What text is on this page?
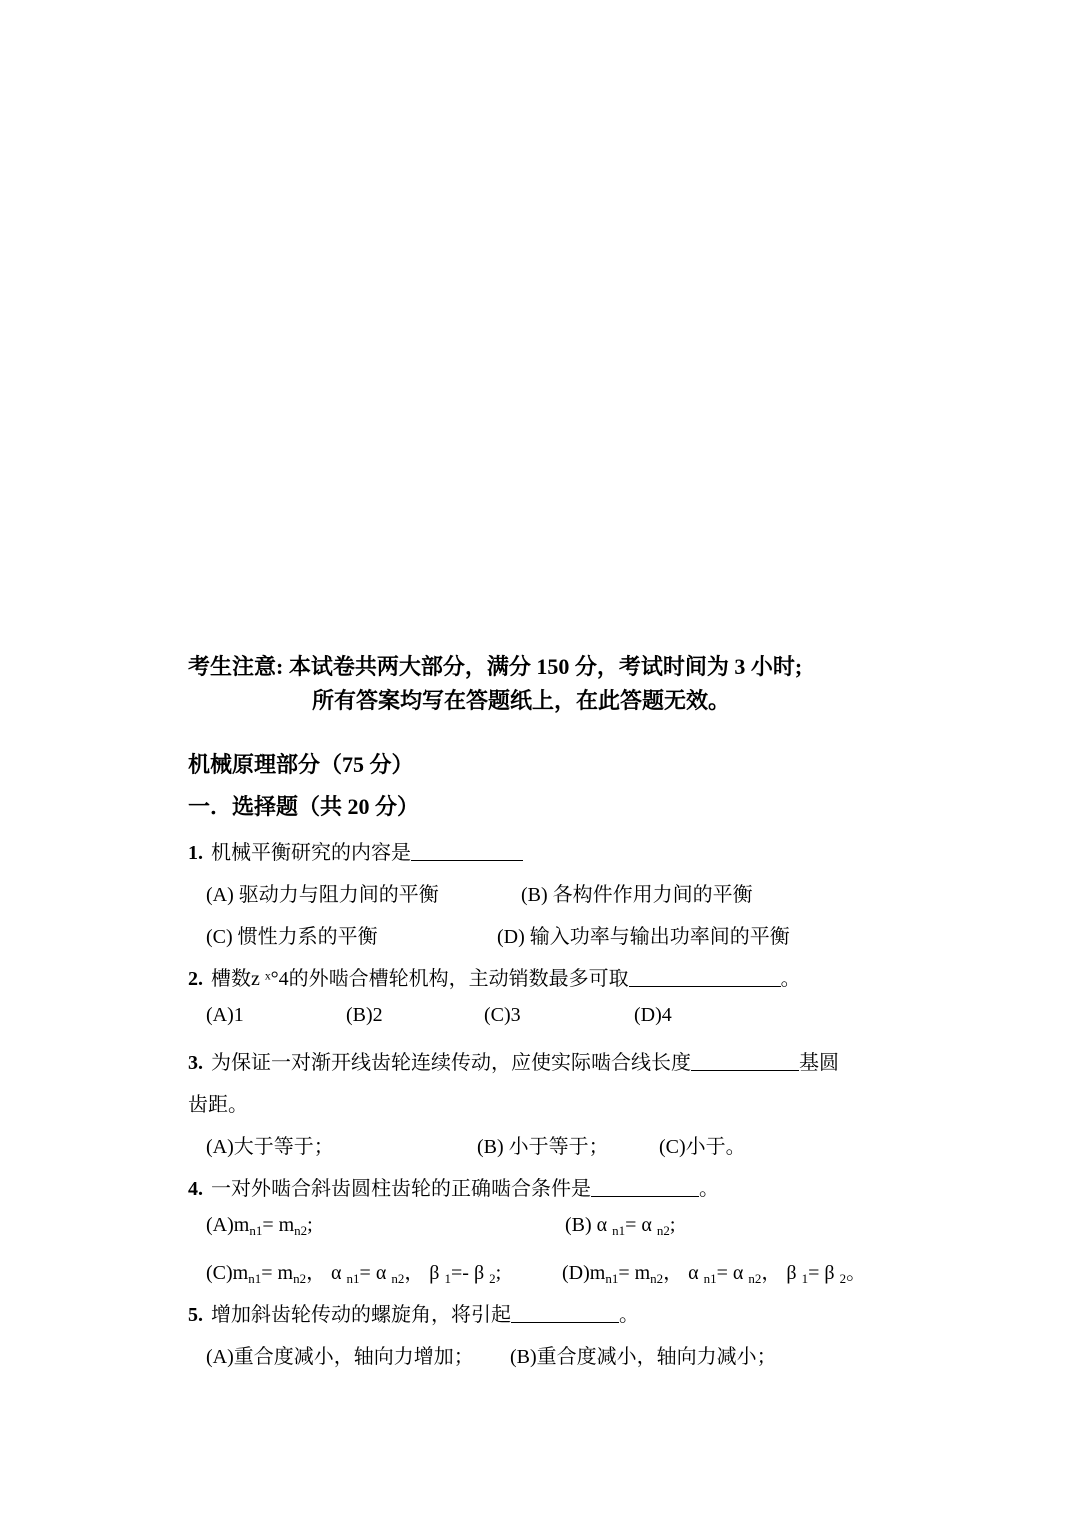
考生注意: 本试卷共两大部分，满分 150 分，考试时间为 3 小时;
所有答案均写在答题纸上，在此答题无效。
机械原理部分（75 分）
一．选择题（共 20 分）
1. 机械平衡研究的内容是
(A) 驱动力与阻力间的平衡	(B) 各构件作用力间的平衡
(C) 惯性力系的平衡	(D) 输入功率与输出功率间的平衡
2. 槽数z ˣ°4的外啮合槽轮机构，主动销数最多可取	。
(A)1	(B)2	(C)3	(D)4
3. 为保证一对渐开线齿轮连续传动，应使实际啮合线长度	基圆
齿距。
(A)大于等于；	(B) 小于等于；	(C)小于。
4. 一对外啮合斜齿圆柱齿轮的正确啮合条件是	。
$(A)m_{n1}= m_{n2}$;	(B) α $_{n1}$= α $_{n2}$;
$(C)m_{n1}= m_{n2}$， α $_{n1}$= α $_{n2}$， β $_1$=- β $_2$;	$(D)m_{n1}= m_{n2}$， α $_{n1}$= α $_{n2}$， β $_1$= β $_2$。
5. 增加斜齿轮传动的螺旋角，将引起	。
(A)重合度减小，轴向力增加； (B)重合度减小，轴向力减小；
